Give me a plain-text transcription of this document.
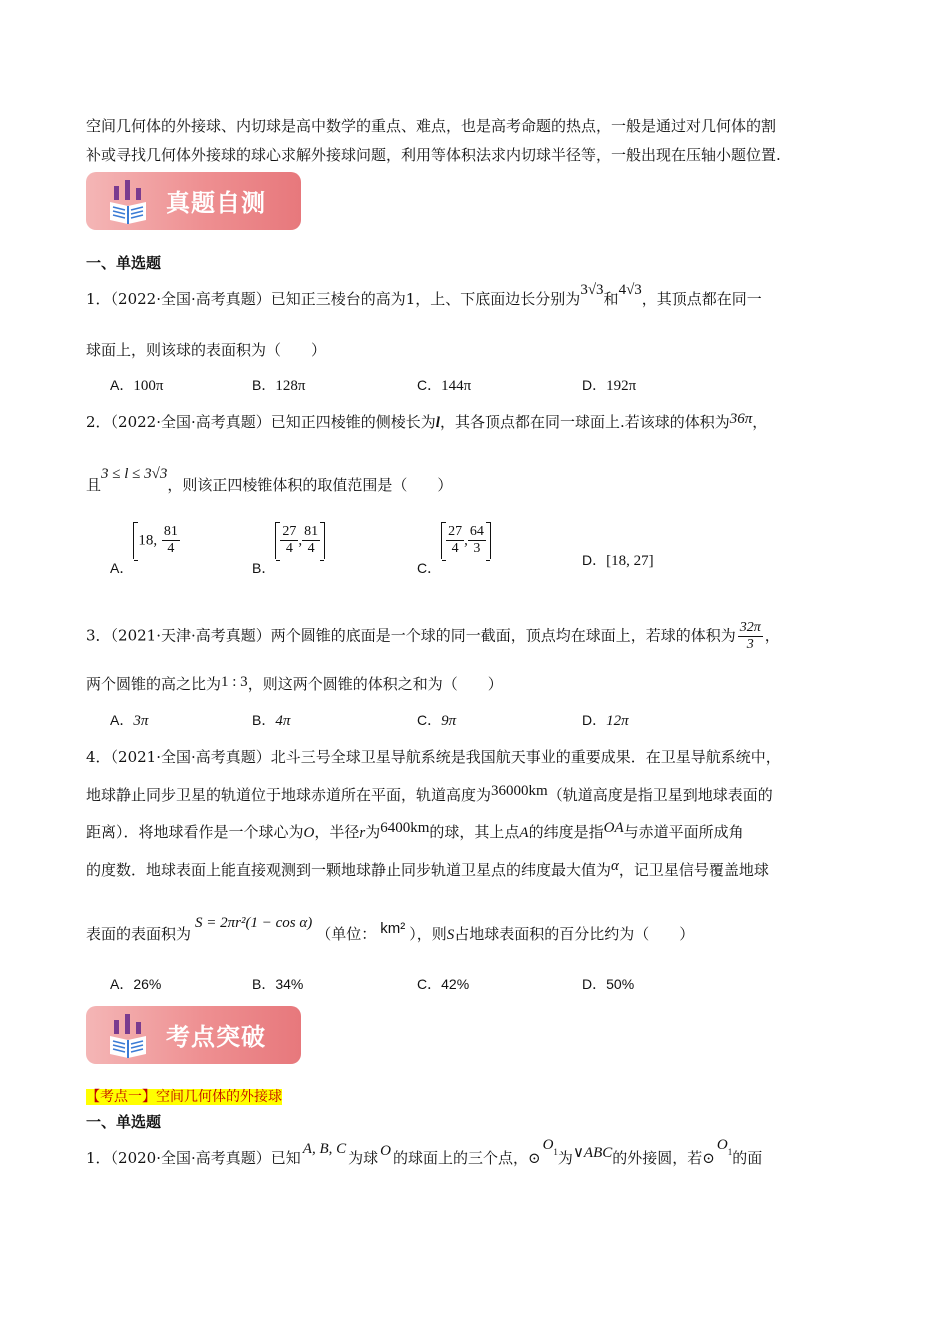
空间几何体的外接球、内切球是高中数学的重点、难点，也是高考命题的热点，一般是通过对几何体的割
补或寻找几何体外接球的球心求解外接球问题，利用等体积法求内切球半径等，一般出现在压轴小题位置.
真题自测
一、单选题
1．（2022·全国·高考真题）已知正三棱台的高为1，上、下底面边长分别为3√3和4√3，其顶点都在同一
球面上，则该球的表面积为（　　）
A．100π	B．128π	C．144π	D．192π
2．（2022·全国·高考真题）已知正四棱锥的侧棱长为l，其各顶点都在同一球面上.若该球的体积为36π，
且3 ≤ l ≤ 3√3，则该正四棱锥体积的取值范围是（　　）
A．18, $\frac{81}{4}$
B．
$\frac{27}{4}$ , $\frac{81}{4}$
C．
$\frac{27}{4}$ , $\frac{64}{3}$
D．[18, 27]
3．（2021·天津·高考真题）两个圆锥的底面是一个球的同一截面，顶点均在球面上，若球的体积为 $\frac{32\pi}{3}$ ，
两个圆锥的高之比为1 : 3，则这两个圆锥的体积之和为（　　）
A．3π	B．4π	C．9π	D．12π
4．（2021·全国·高考真题）北斗三号全球卫星导航系统是我国航天事业的重要成果．在卫星导航系统中，
地球静止同步卫星的轨道位于地球赤道所在平面，轨道高度为36000km（轨道高度是指卫星到地球表面的
距离）．将地球看作是一个球心为O，半径r为6400km的球，其上点A的纬度是指OA与赤道平面所成角
的度数．地球表面上能直接观测到一颗地球静止同步轨道卫星点的纬度最大值为α，记卫星信号覆盖地球
表面的表面积为S = 2πr²(1 − cos α)（单位： km² ），则S占地球表面积的百分比约为（　　）
A．26%	B．34%	C．42%	D．50%
考点突破
【考点一】空间几何体的外接球
一、单选题
1．（2020·全国·高考真题）已知 A, B, C 为球 O 的球面上的三个点，$⊙O^1$为∨ABC的外接圆，若$⊙O^1$的面
